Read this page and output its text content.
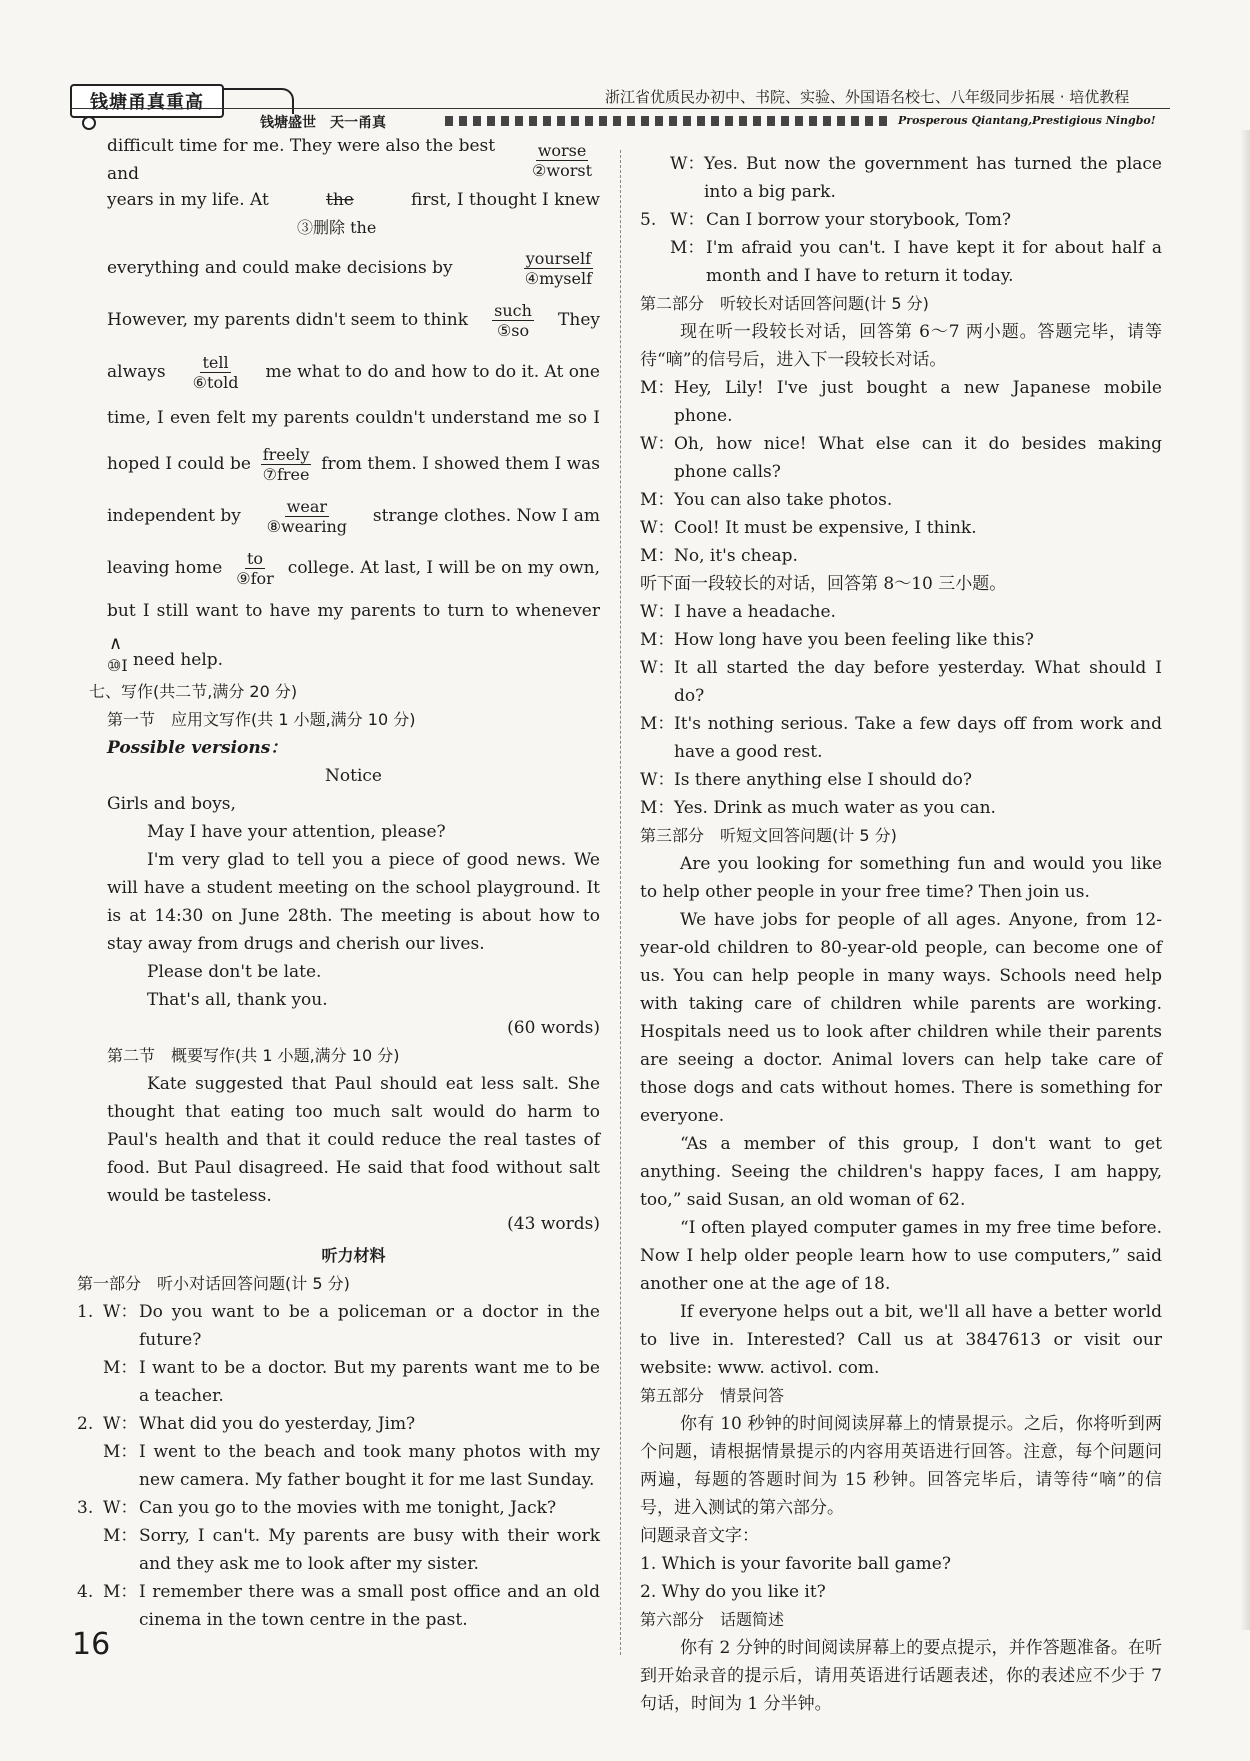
钱塘甬真重高	浙江省优质民办初中、书院、实验、外国语名校七、八年级同步拓展 · 培优教程
钱塘盛世　天一甬真	Prosperous Qiantang,Prestigious Ningbo!
difficult time for me. They were also the best and	$\frac{\text{worse}}{\text{②worst}}$
years in my life. At	the	first, I thought I knew
③删除 the
everything and could make decisions by	$\frac{\text{yourself}}{\text{④myself}}$
However, my parents didn't seem to think $\frac{\text{such}}{\text{⑤so}}$ They
always $\frac{\text{tell}}{\text{⑥told}}$ me what to do and how to do it. At one
time, I even felt my parents couldn't understand me so I
hoped I could be $\frac{\text{freely}}{\text{⑦free}}$ from them. I showed them I was
independent by $\frac{\text{wear}}{\text{⑧wearing}}$ strange clothes. Now I am
leaving home $\frac{to}{\text{⑨for}}$ college. At last, I will be on my own,
but I still want to have my parents to turn to whenever
∧
⑩I need help.
七、写作(共二节,满分 20 分)
第一节　应用文写作(共 1 小题,满分 10 分)
Possible versions：
Notice
Girls and boys,
May I have your attention, please?
I'm very glad to tell you a piece of good news. We will have a student meeting on the school playground. It is at 14:30 on June 28th. The meeting is about how to stay away from drugs and cherish our lives.
Please don't be late.
That's all, thank you.
(60 words)
第二节　概要写作(共 1 小题,满分 10 分)
Kate suggested that Paul should eat less salt. She thought that eating too much salt would do harm to Paul's health and that it could reduce the real tastes of food. But Paul disagreed. He said that food without salt would be tasteless.
(43 words)
听力材料
第一部分　听小对话回答问题(计 5 分)
1. W： Do you want to be a policeman or a doctor in the future?
M： I want to be a doctor. But my parents want me to be a teacher.
2. W： What did you do yesterday, Jim?
M： I went to the beach and took many photos with my new camera. My father bought it for me last Sunday.
3. W： Can you go to the movies with me tonight, Jack?
M： Sorry, I can't. My parents are busy with their work and they ask me to look after my sister.
4. M： I remember there was a small post office and an old cinema in the town centre in the past.
W： Yes. But now the government has turned the place into a big park.
5. W： Can I borrow your storybook, Tom?
M： I'm afraid you can't. I have kept it for about half a month and I have to return it today.
第二部分　听较长对话回答问题(计 5 分)
现在听一段较长对话，回答第 6～7 两小题。答题完毕，请等待“嘀”的信号后，进入下一段较长对话。
M： Hey, Lily! I've just bought a new Japanese mobile phone.
W： Oh, how nice! What else can it do besides making phone calls?
M： You can also take photos.
W： Cool! It must be expensive, I think.
M： No, it's cheap.
听下面一段较长的对话，回答第 8～10 三小题。
W： I have a headache.
M： How long have you been feeling like this?
W： It all started the day before yesterday. What should I do?
M： It's nothing serious. Take a few days off from work and have a good rest.
W： Is there anything else I should do?
M： Yes. Drink as much water as you can.
第三部分　听短文回答问题(计 5 分)
Are you looking for something fun and would you like to help other people in your free time? Then join us.
We have jobs for people of all ages. Anyone, from 12-year-old children to 80-year-old people, can become one of us. You can help people in many ways. Schools need help with taking care of children while parents are working. Hospitals need us to look after children while their parents are seeing a doctor. Animal lovers can help take care of those dogs and cats without homes. There is something for everyone.
“As a member of this group, I don't want to get anything. Seeing the children's happy faces, I am happy, too,” said Susan, an old woman of 62.
“I often played computer games in my free time before. Now I help older people learn how to use computers,” said another one at the age of 18.
If everyone helps out a bit, we'll all have a better world to live in. Interested? Call us at 3847613 or visit our website: www. activol. com.
第五部分　情景问答
你有 10 秒钟的时间阅读屏幕上的情景提示。之后，你将听到两个问题，请根据情景提示的内容用英语进行回答。注意，每个问题问两遍，每题的答题时间为 15 秒钟。回答完毕后，请等待“嘀”的信号，进入测试的第六部分。
问题录音文字：
1. Which is your favorite ball game?
2. Why do you like it?
第六部分　话题简述
你有 2 分钟的时间阅读屏幕上的要点提示，并作答题准备。在听到开始录音的提示后，请用英语进行话题表述，你的表述应不少于 7 句话，时间为 1 分半钟。
16
